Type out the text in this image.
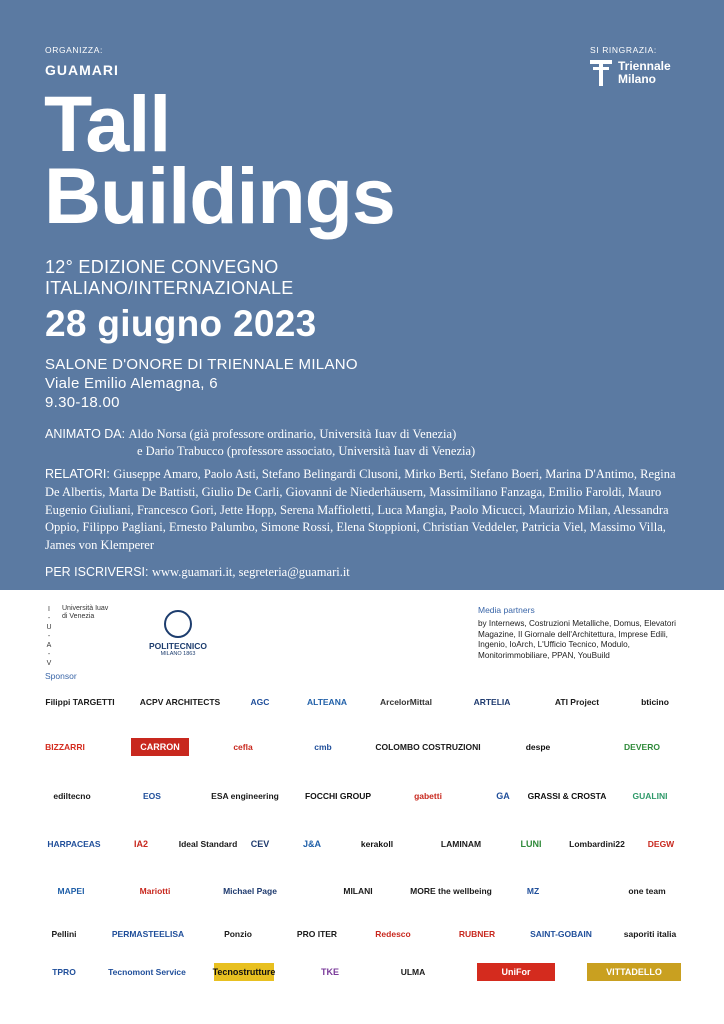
ORGANIZZA:
GUAMARI
SI RINGRAZIA:
Triennale
Milano
Tall
Buildings
12° EDIZIONE CONVEGNO
ITALIANO/INTERNAZIONALE
28 giugno 2023
SALONE D'ONORE DI TRIENNALE MILANO
Viale Emilio Alemagna, 6
9.30-18.00
ANIMATO DA: Aldo Norsa (già professore ordinario, Università Iuav di Venezia)
e Dario Trabucco (professore associato, Università Iuav di Venezia)
RELATORI: Giuseppe Amaro, Paolo Asti, Stefano Belingardi Clusoni, Mirko Berti, Stefano Boeri, Marina D'Antimo, Regina De Albertis, Marta De Battisti, Giulio De Carli, Giovanni de Niederhäusern, Massimiliano Fanzaga, Emilio Faroldi, Mauro Eugenio Giuliani, Francesco Gori, Jette Hopp, Serena Maffioletti, Luca Mangia, Paolo Micucci, Maurizio Milan, Alessandra Oppio, Filippo Pagliani, Ernesto Palumbo, Simone Rossi, Elena Stoppioni, Christian Veddeler, Patricia Viel, Massimo Villa, James von Klemperer
PER ISCRIVERSI: www.guamari.it, segreteria@guamari.it
I
-
U
-
A
-
V
Università Iuav
di Venezia
POLITECNICO
MILANO 1863
Media partners
by Internews, Costruzioni Metalliche, Domus, Elevatori Magazine, Il Giornale dell'Architettura, Imprese Edili, Ingenio, IoArch, L'Ufficio Tecnico, Modulo, Monitorimmobiliare, PPAN, YouBuild
Sponsor
Filippi TARGETTI	ACPV ARCHITECTS	AGC	ALTEANA	ArcelorMittal	ARTELIA	ATI Project	bticino
BIZZARRI	CARRON	cefla	cmb	COLOMBO COSTRUZIONI	despe	DEVERO
ediltecno	EOS	ESA engineering	FOCCHI GROUP	gabetti	GA	GRASSI & CROSTA	GUALINI
HARPACEAS	IA2	Ideal Standard	CEV	J&A	kerakoll	LAMINAM	LUNI	Lombardini22	DEGW
MAPEI	Mariotti	Michael Page	MILANI	MORE the wellbeing	MZ	one team
Pellini	PERMASTEELISA	Ponzio	PRO ITER	Redesco	RUBNER	SAINT-GOBAIN	saporiti italia
TPRO	Tecnomont Service	Tecnostrutture	TKE	ULMA	UniFor	VITTADELLO
